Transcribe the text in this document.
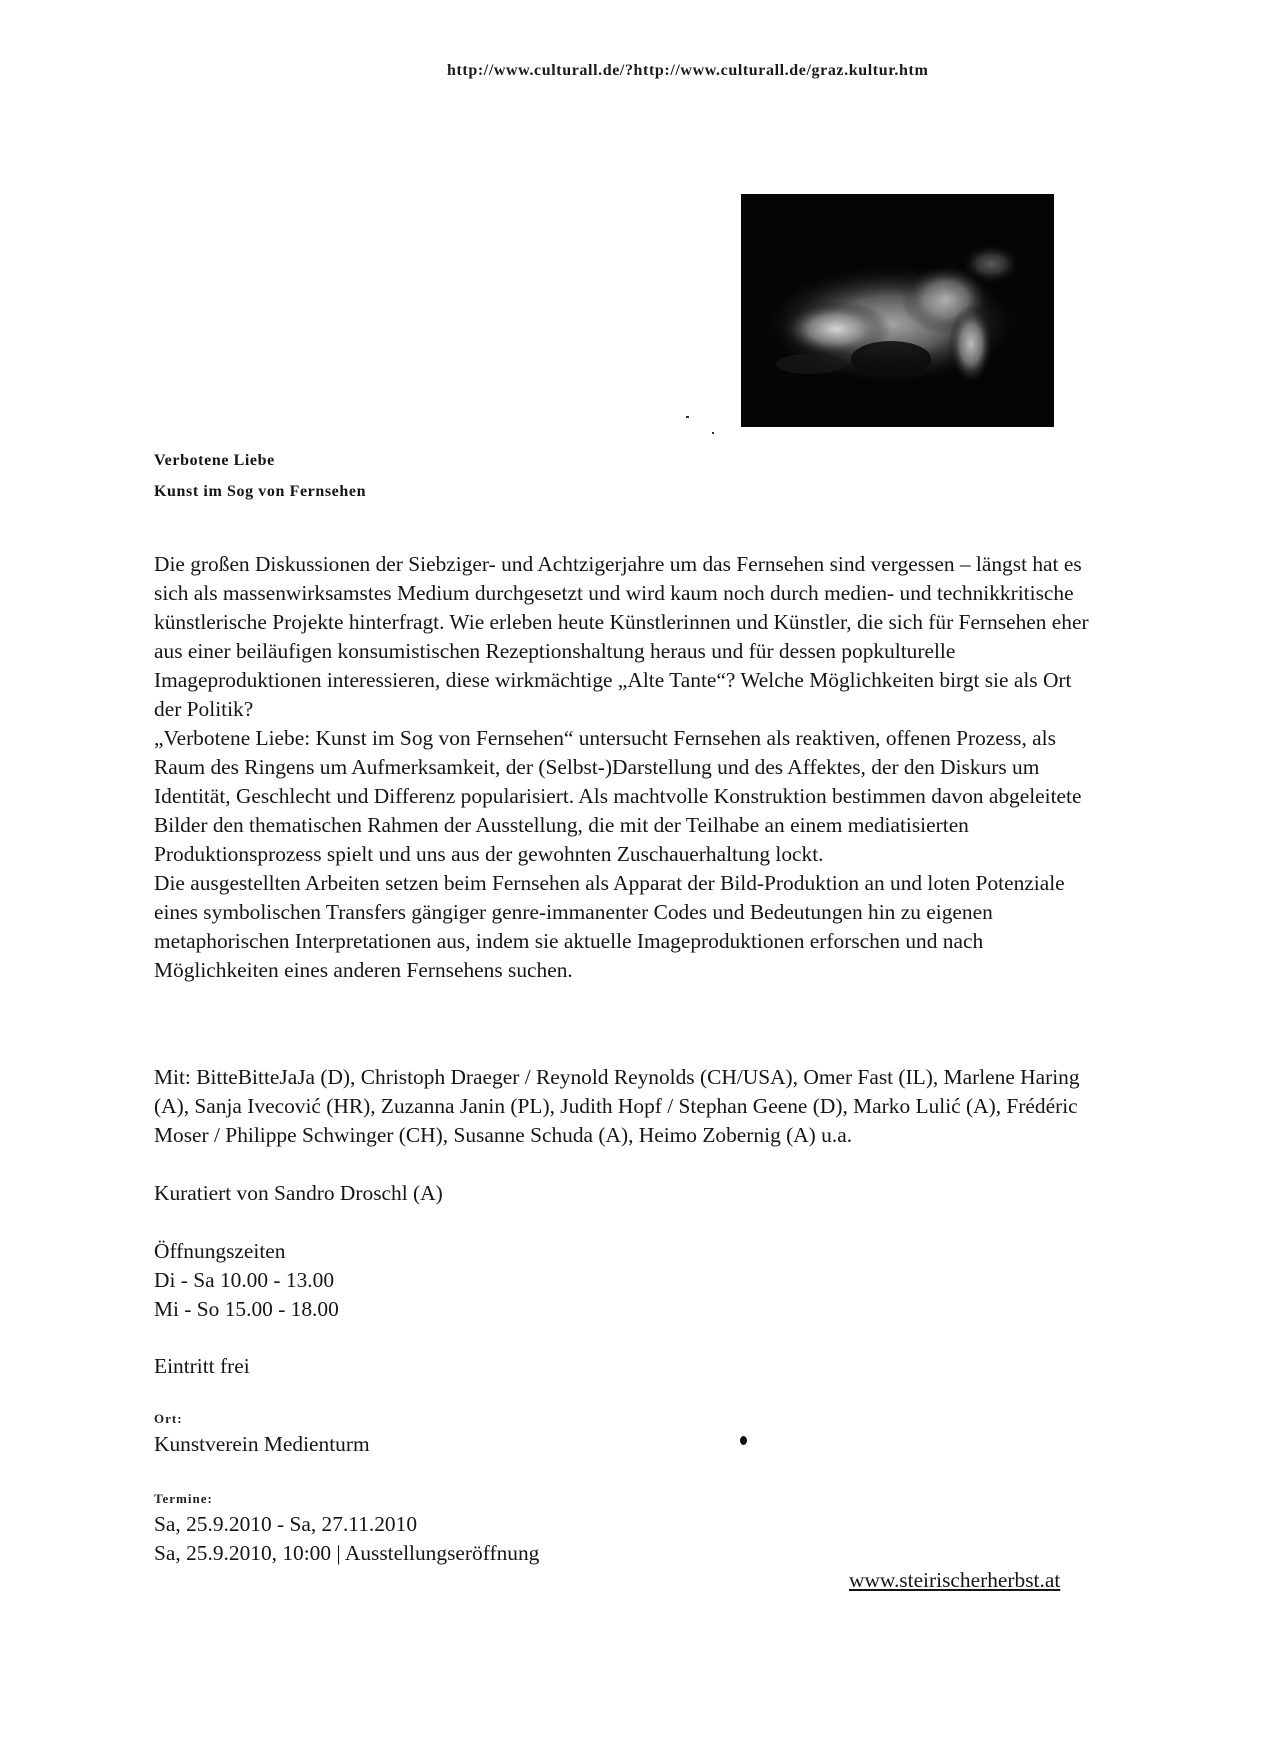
http://www.culturall.de/?http://www.culturall.de/graz.kultur.htm
Verbotene Liebe
Kunst im Sog von Fernsehen

Die großen Diskussionen der Siebziger- und Achtzigerjahre um das Fernsehen sind vergessen – längst hat es sich als massenwirksamstes Medium durchgesetzt und wird kaum noch durch medien- und technikkritische künstlerische Projekte hinterfragt. Wie erleben heute Künstlerinnen und Künstler, die sich für Fernsehen eher aus einer beiläufigen konsumistischen Rezeptionshaltung heraus und für dessen popkulturelle Imageproduktionen interessieren, diese wirkmächtige „Alte Tante“? Welche Möglichkeiten birgt sie als Ort der Politik?

„Verbotene Liebe: Kunst im Sog von Fernsehen“ untersucht Fernsehen als reaktiven, offenen Prozess, als Raum des Ringens um Aufmerksamkeit, der (Selbst-)Darstellung und des Affektes, der den Diskurs um Identität, Geschlecht und Differenz popularisiert. Als machtvolle Konstruktion bestimmen davon abgeleitete Bilder den thematischen Rahmen der Ausstellung, die mit der Teilhabe an einem mediatisierten Produktionsprozess spielt und uns aus der gewohnten Zuschauerhaltung lockt.

Die ausgestellten Arbeiten setzen beim Fernsehen als Apparat der Bild-Produktion an und loten Potenziale eines symbolischen Transfers gängiger genre-immanenter Codes und Bedeutungen hin zu eigenen metaphorischen Interpretationen aus, indem sie aktuelle Imageproduktionen erforschen und nach Möglichkeiten eines anderen Fernsehens suchen.

Mit: BitteBitteJaJa (D), Christoph Draeger / Reynold Reynolds (CH/USA), Omer Fast (IL), Marlene Haring (A), Sanja Ivecović (HR), Zuzanna Janin (PL), Judith Hopf / Stephan Geene (D), Marko Lulić (A), Frédéric Moser / Philippe Schwinger (CH), Susanne Schuda (A), Heimo Zobernig (A) u.a.
Kuratiert von Sandro Droschl (A)
Öffnungszeiten
Di - Sa 10.00 - 13.00
Mi - So 15.00 - 18.00
Eintritt frei
Ort:
Kunstverein Medienturm
Termine:
Sa, 25.9.2010 - Sa, 27.11.2010
Sa, 25.9.2010, 10:00 | Ausstellungseröffnung
www.steirischerherbst.at
